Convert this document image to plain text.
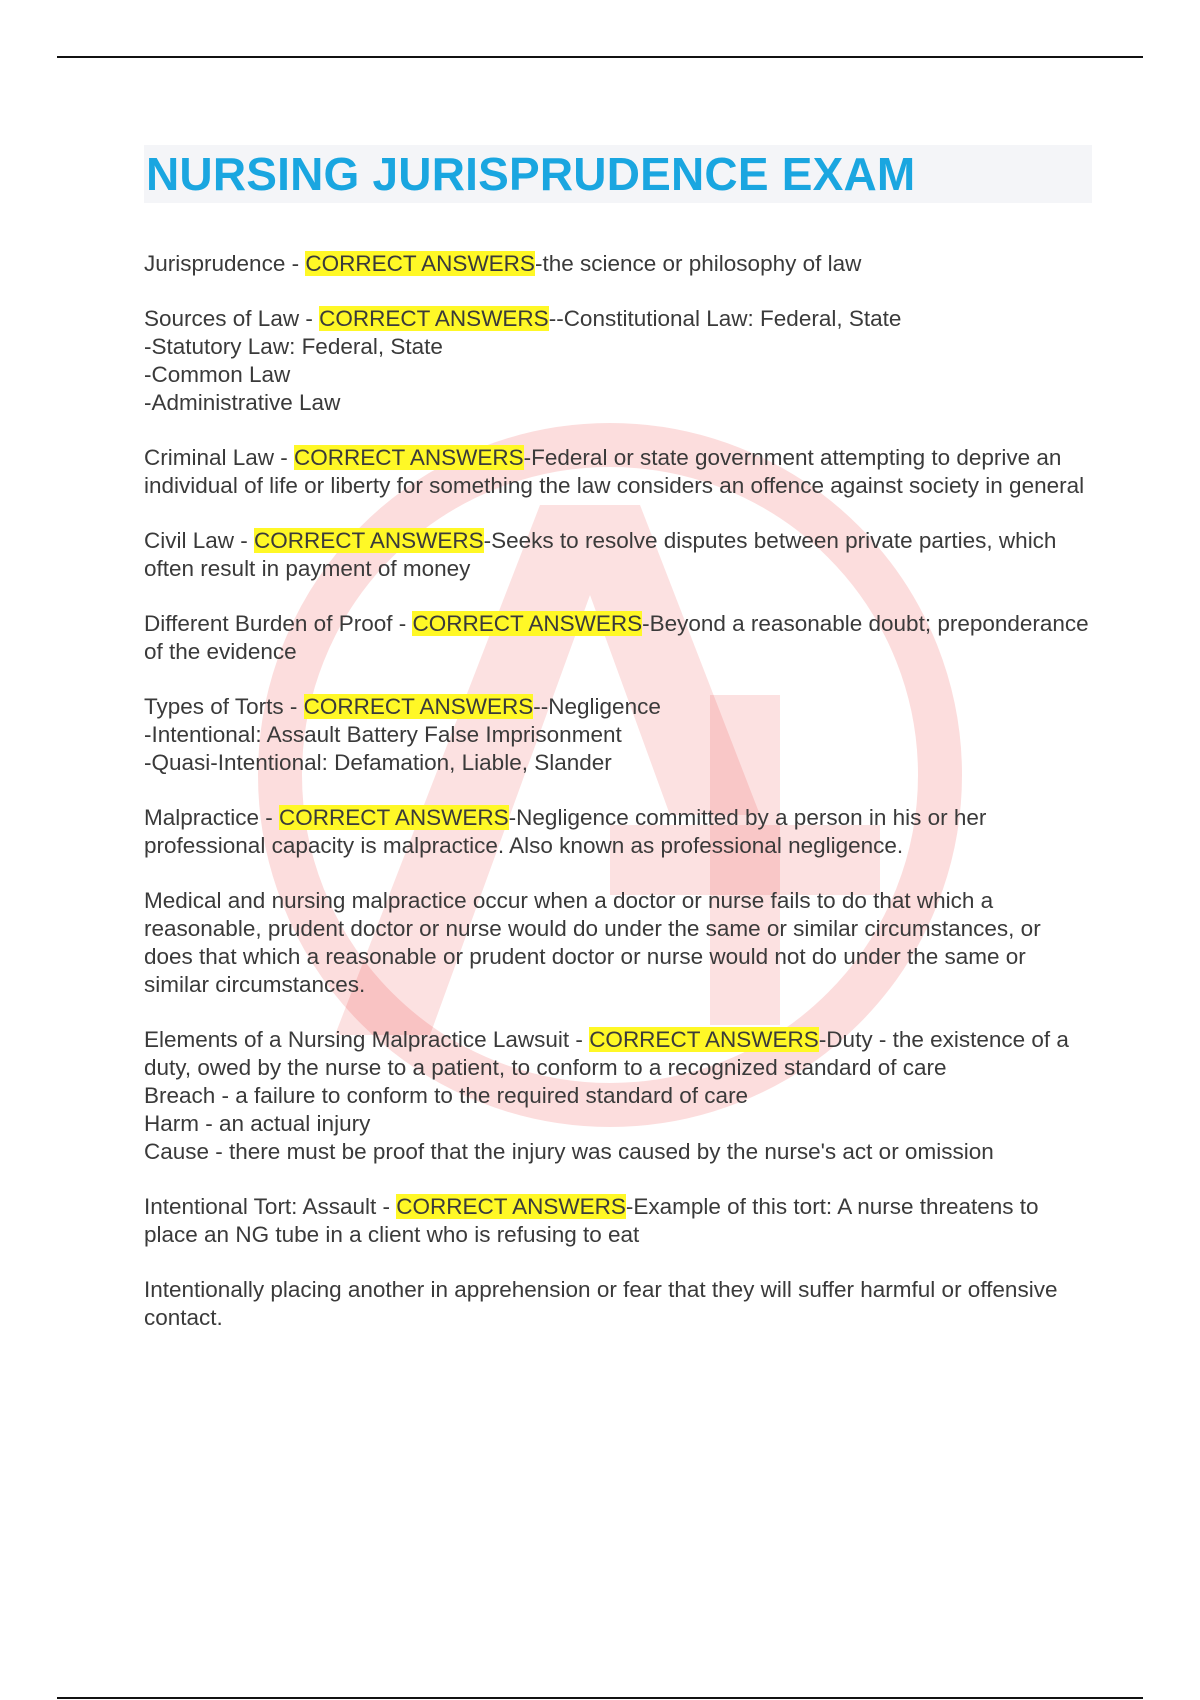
NURSING JURISPRUDENCE EXAM

Jurisprudence - CORRECT ANSWERS-the science or philosophy of law

Sources of Law - CORRECT ANSWERS--Constitutional Law: Federal, State

-Statutory Law: Federal, State

-Common Law

-Administrative Law

Criminal Law - CORRECT ANSWERS-Federal or state government attempting to deprive an individual of life or liberty for something the law considers an offence against society in general

Civil Law - CORRECT ANSWERS-Seeks to resolve disputes between private parties, which often result in payment of money

Different Burden of Proof - CORRECT ANSWERS-Beyond a reasonable doubt; preponderance of the evidence

Types of Torts - CORRECT ANSWERS--Negligence

-Intentional: Assault Battery False Imprisonment

-Quasi-Intentional: Defamation, Liable, Slander

Malpractice - CORRECT ANSWERS-Negligence committed by a person in his or her professional capacity is malpractice. Also known as professional negligence.

Medical and nursing malpractice occur when a doctor or nurse fails to do that which a reasonable, prudent doctor or nurse would do under the same or similar circumstances, or does that which a reasonable or prudent doctor or nurse would not do under the same or similar circumstances.

Elements of a Nursing Malpractice Lawsuit - CORRECT ANSWERS-Duty - the existence of a duty, owed by the nurse to a patient, to conform to a recognized standard of care

Breach - a failure to conform to the required standard of care

Harm - an actual injury

Cause - there must be proof that the injury was caused by the nurse's act or omission

Intentional Tort: Assault - CORRECT ANSWERS-Example of this tort: A nurse threatens to place an NG tube in a client who is refusing to eat

Intentionally placing another in apprehension or fear that they will suffer harmful or offensive contact.
